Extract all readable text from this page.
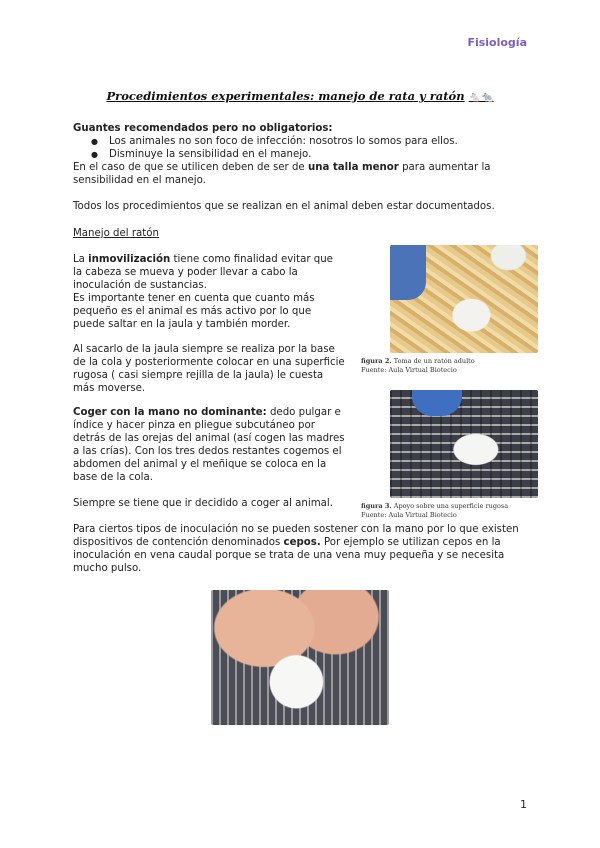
Fisiología
Procedimientos experimentales: manejo de rata y ratón 🐁🐀

Guantes recomendados pero no obligatorios:

● Los animales no son foco de infección: nosotros lo somos para ellos.
● Disminuye la sensibilidad en el manejo.

En el caso de que se utilicen deben de ser de una talla menor para aumentar la sensibilidad en el manejo.

Todos los procedimientos que se realizan en el animal deben estar documentados.

Manejo del ratón

La inmovilización tiene como finalidad evitar que la cabeza se mueva y poder llevar a cabo la inoculación de sustancias.

Es importante tener en cuenta que cuanto más pequeño es el animal es más activo por lo que puede saltar en la jaula y también morder.

Al sacarlo de la jaula siempre se realiza por la base de la cola y posteriormente colocar en una superficie rugosa ( casi siempre rejilla de la jaula) le cuesta más moverse.

Coger con la mano no dominante: dedo pulgar e índice y hacer pinza en pliegue subcutáneo por detrás de las orejas del animal (así cogen las madres a las crías). Con los tres dedos restantes cogemos el abdomen del animal y el meñique se coloca en la base de la cola.

Siempre se tiene que ir decidido a coger al animal.

Para ciertos tipos de inoculación no se pueden sostener con la mano por lo que existen dispositivos de contención denominados cepos. Por ejemplo se utilizan cepos en la inoculación en vena caudal porque se trata de una vena muy pequeña y se necesita mucho pulso.

figura 2. Toma de un ratón adulto
Fuente: Aula Virtual Biotecio
figura 3. Apoyo sobre una superficie rugosa
Fuente: Aula Virtual Biotecio
1
